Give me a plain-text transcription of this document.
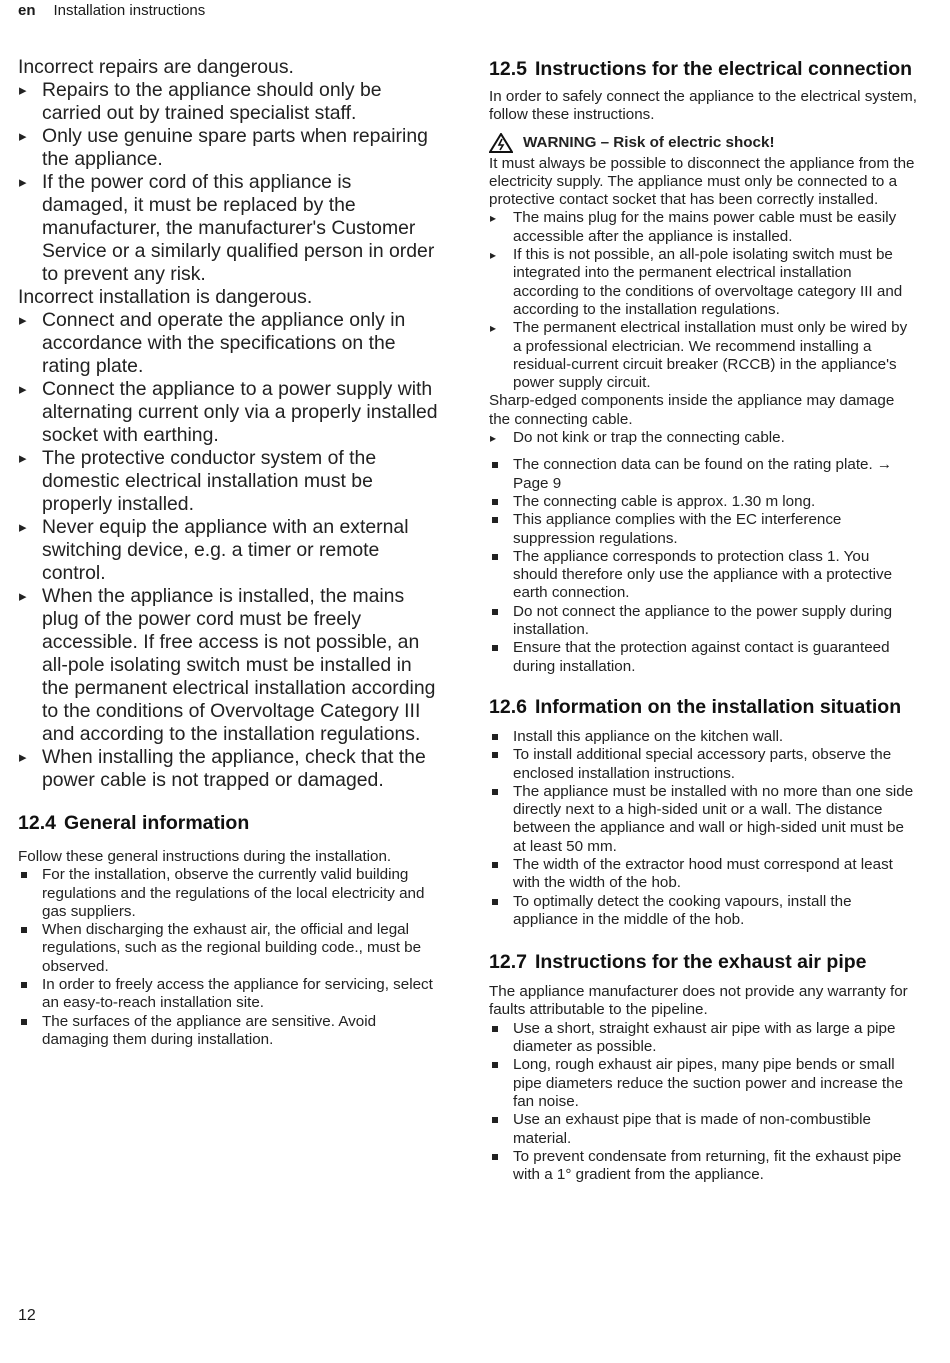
en Installation instructions

Incorrect repairs are dangerous.

▸ Repairs to the appliance should only be carried out by trained specialist staff.
▸ Only use genuine spare parts when repairing the appliance.
▸ If the power cord of this appliance is damaged, it must be replaced by the manufacturer, the manufacturer's Customer Service or a similarly qualified person in order to prevent any risk.

Incorrect installation is dangerous.

▸ Connect and operate the appliance only in accordance with the specifications on the rating plate.
▸ Connect the appliance to a power supply with alternating current only via a properly installed socket with earthing.
▸ The protective conductor system of the domestic electrical installation must be properly installed.
▸ Never equip the appliance with an external switching device, e.g. a timer or remote control.
▸ When the appliance is installed, the mains plug of the power cord must be freely accessible. If free access is not possible, an all-pole isolating switch must be installed in the permanent electrical installation according to the conditions of Overvoltage Category III and according to the installation regulations.
▸ When installing the appliance, check that the power cable is not trapped or damaged.
12.4 General information

Follow these general instructions during the installation.

For the installation, observe the currently valid building regulations and the regulations of the local electricity and gas suppliers.
When discharging the exhaust air, the official and legal regulations, such as the regional building code., must be observed.
In order to freely access the appliance for servicing, select an easy-to-reach installation site.
The surfaces of the appliance are sensitive. Avoid damaging them during installation.
12.5 Instructions for the electrical connection

In order to safely connect the appliance to the electrical system, follow these instructions.

WARNING – Risk of electric shock!

It must always be possible to disconnect the appliance from the electricity supply. The appliance must only be connected to a protective contact socket that has been correctly installed.

▸ The mains plug for the mains power cable must be easily accessible after the appliance is installed.
▸ If this is not possible, an all-pole isolating switch must be integrated into the permanent electrical installation according to the conditions of overvoltage category III and according to the installation regulations.
▸ The permanent electrical installation must only be wired by a professional electrician. We recommend installing a residual-current circuit breaker (RCCB) in the appliance's power supply circuit.

Sharp-edged components inside the appliance may damage the connecting cable.

▸ Do not kink or trap the connecting cable.
The connection data can be found on the rating plate. → Page 9
The connecting cable is approx. 1.30 m long.
This appliance complies with the EC interference suppression regulations.
The appliance corresponds to protection class 1. You should therefore only use the appliance with a protective earth connection.
Do not connect the appliance to the power supply during installation.
Ensure that the protection against contact is guaranteed during installation.
12.6 Information on the installation situation
Install this appliance on the kitchen wall.
To install additional special accessory parts, observe the enclosed installation instructions.
The appliance must be installed with no more than one side directly next to a high-sided unit or a wall. The distance between the appliance and wall or high-sided unit must be at least 50 mm.
The width of the extractor hood must correspond at least with the width of the hob.
To optimally detect the cooking vapours, install the appliance in the middle of the hob.
12.7 Instructions for the exhaust air pipe

The appliance manufacturer does not provide any warranty for faults attributable to the pipeline.

Use a short, straight exhaust air pipe with as large a pipe diameter as possible.
Long, rough exhaust air pipes, many pipe bends or small pipe diameters reduce the suction power and increase the fan noise.
Use an exhaust pipe that is made of non-combustible material.
To prevent condensate from returning, fit the exhaust pipe with a 1° gradient from the appliance.
12
